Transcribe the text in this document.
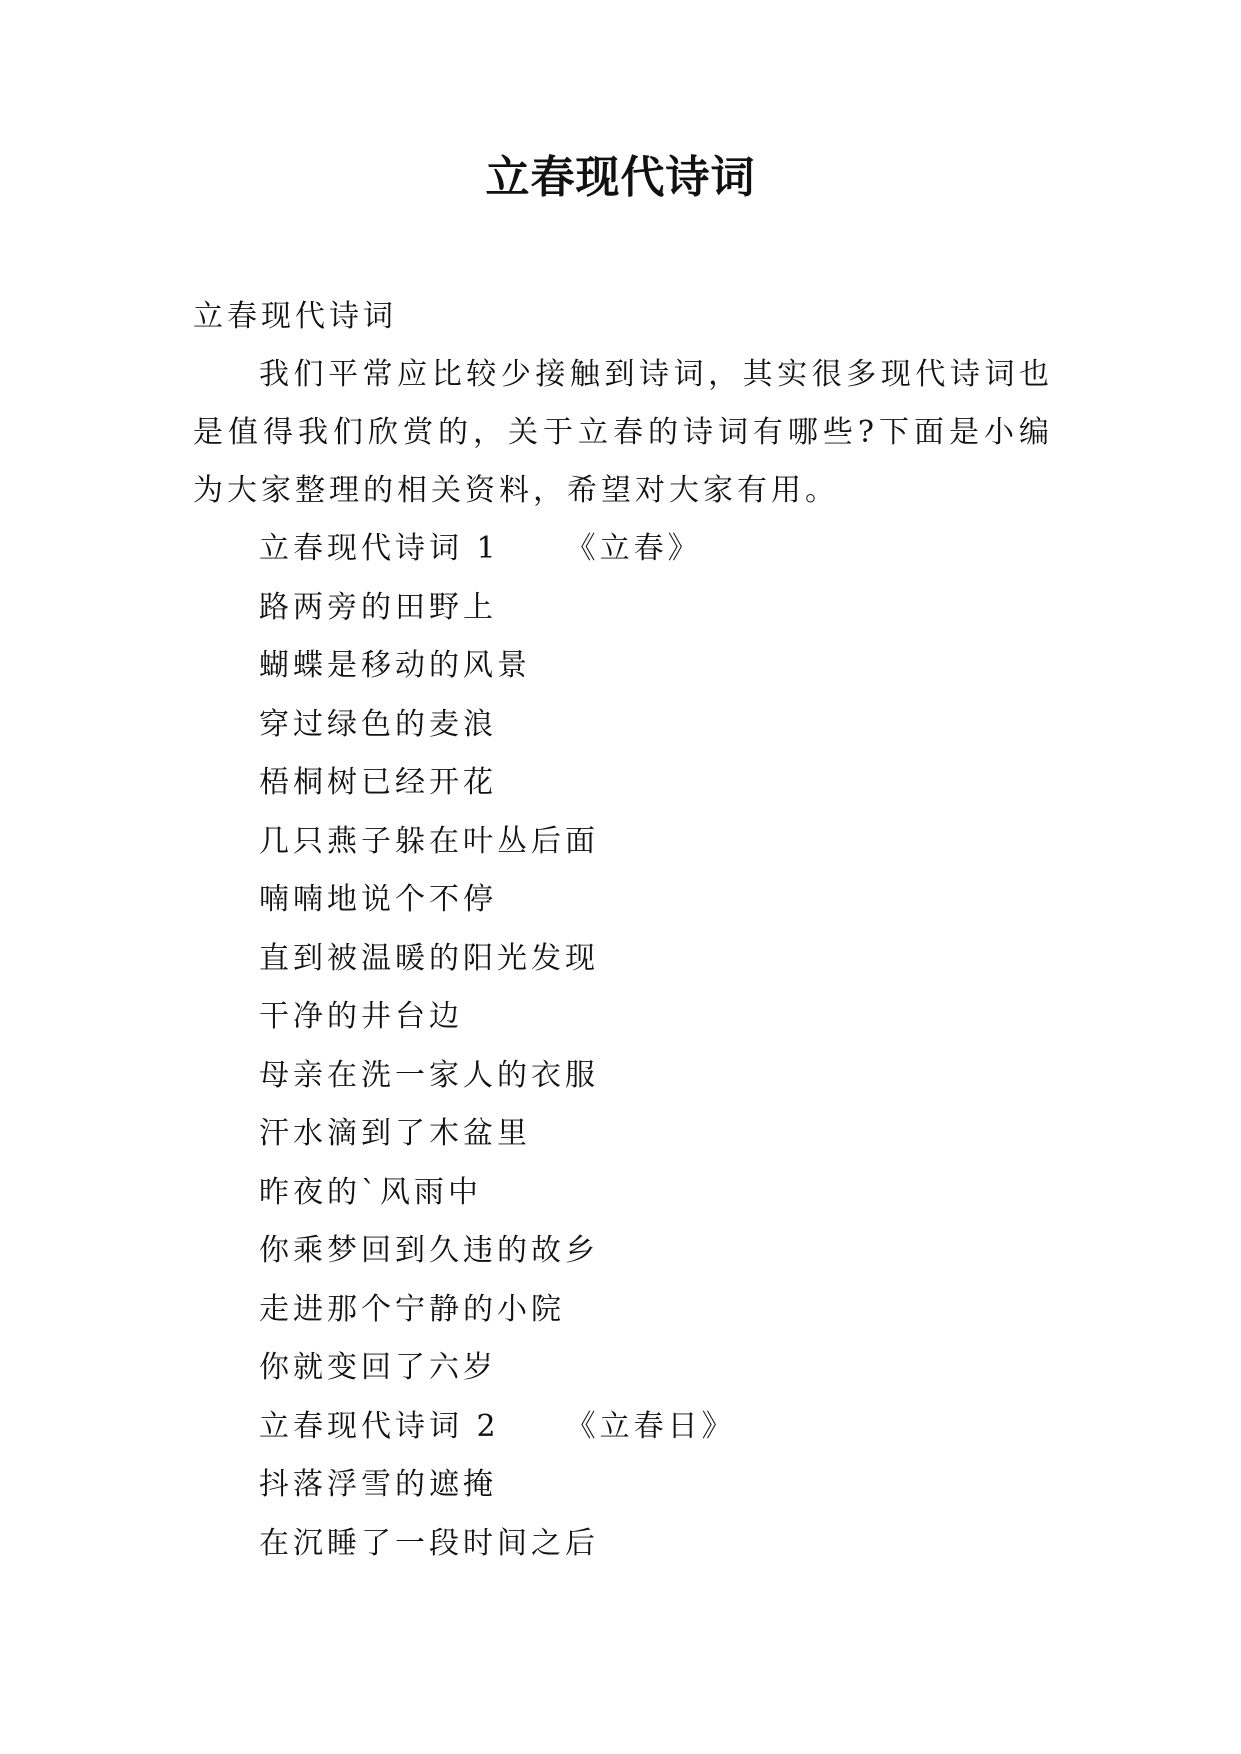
立春现代诗词
立春现代诗词

我们平常应比较少接触到诗词，其实很多现代诗词也是值得我们欣赏的，关于立春的诗词有哪些?下面是小编为大家整理的相关资料，希望对大家有用。

立春现代诗词 1 《立春》
路两旁的田野上
蝴蝶是移动的风景
穿过绿色的麦浪
梧桐树已经开花
几只燕子躲在叶丛后面
喃喃地说个不停
直到被温暖的阳光发现
干净的井台边
母亲在洗一家人的衣服
汗水滴到了木盆里
昨夜的`风雨中
你乘梦回到久违的故乡
走进那个宁静的小院
你就变回了六岁
立春现代诗词 2 《立春日》
抖落浮雪的遮掩
在沉睡了一段时间之后
